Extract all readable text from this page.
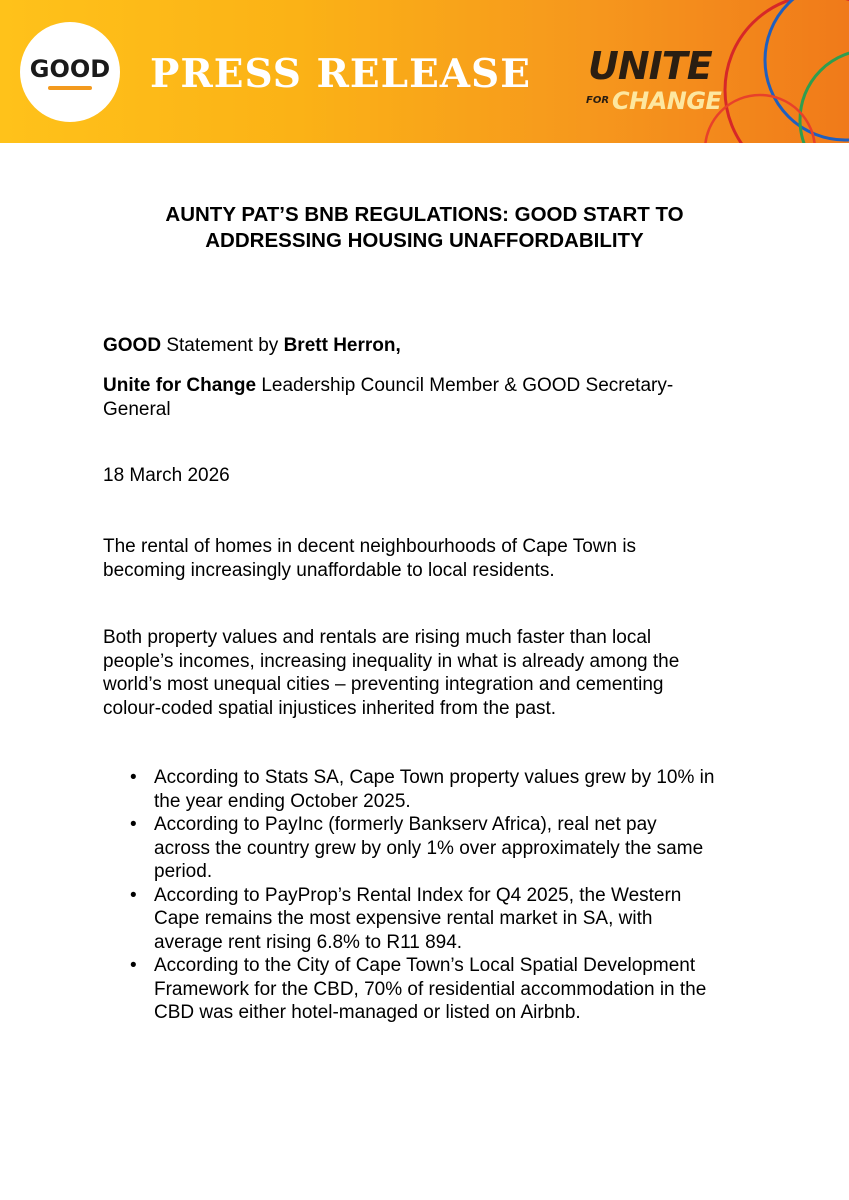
GOOD PRESS RELEASE UNITE
FOR CHANGE
AUNTY PAT’S BNB REGULATIONS: GOOD START TO
ADDRESSING HOUSING UNAFFORDABILITY
GOOD Statement by Brett Herron,
Unite for Change Leadership Council Member & GOOD Secretary-
General
18 March 2026
The rental of homes in decent neighbourhoods of Cape Town is
becoming increasingly unaffordable to local residents.
Both property values and rentals are rising much faster than local
people’s incomes, increasing inequality in what is already among the
world’s most unequal cities – preventing integration and cementing
colour-coded spatial injustices inherited from the past.
• According to Stats SA, Cape Town property values grew by 10% in
the year ending October 2025.
• According to PayInc (formerly Bankserv Africa), real net pay
across the country grew by only 1% over approximately the same
period.
• According to PayProp’s Rental Index for Q4 2025, the Western
Cape remains the most expensive rental market in SA, with
average rent rising 6.8% to R11 894.
• According to the City of Cape Town’s Local Spatial Development
Framework for the CBD, 70% of residential accommodation in the
CBD was either hotel-managed or listed on Airbnb.
